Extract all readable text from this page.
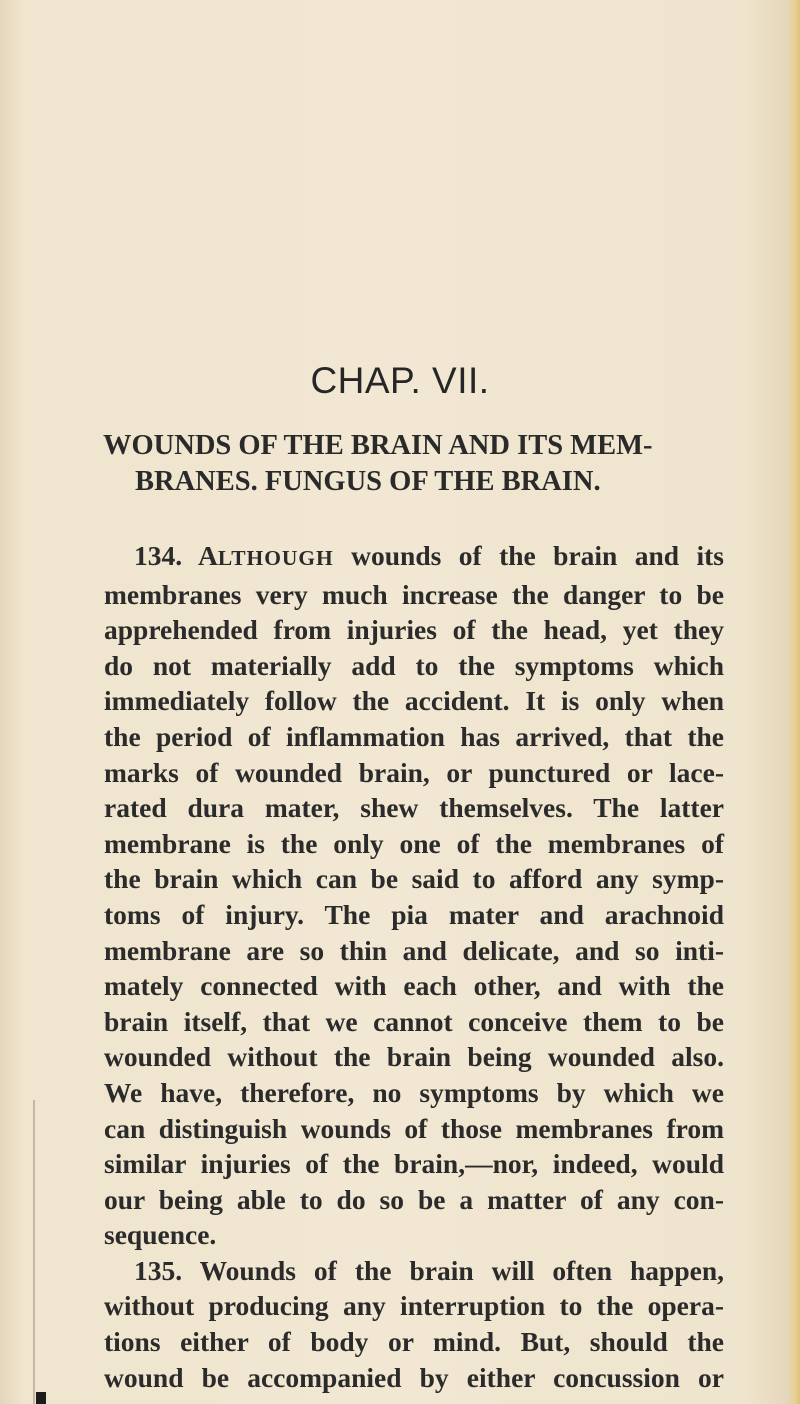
CHAP. VII.
WOUNDS OF THE BRAIN AND ITS MEM-
BRANES. FUNGUS OF THE BRAIN.
134. ALTHOUGH wounds of the brain and its
membranes very much increase the danger to be
apprehended from injuries of the head, yet they
do not materially add to the symptoms which
immediately follow the accident. It is only when
the period of inflammation has arrived, that the
marks of wounded brain, or punctured or lace-
rated dura mater, shew themselves. The latter
membrane is the only one of the membranes of
the brain which can be said to afford any symp-
toms of injury. The pia mater and arachnoid
membrane are so thin and delicate, and so inti-
mately connected with each other, and with the
brain itself, that we cannot conceive them to be
wounded without the brain being wounded also.
We have, therefore, no symptoms by which we
can distinguish wounds of those membranes from
similar injuries of the brain,—nor, indeed, would
our being able to do so be a matter of any con-
sequence.
135. Wounds of the brain will often happen,
without producing any interruption to the opera-
tions either of body or mind. But, should the
wound be accompanied by either concussion or
